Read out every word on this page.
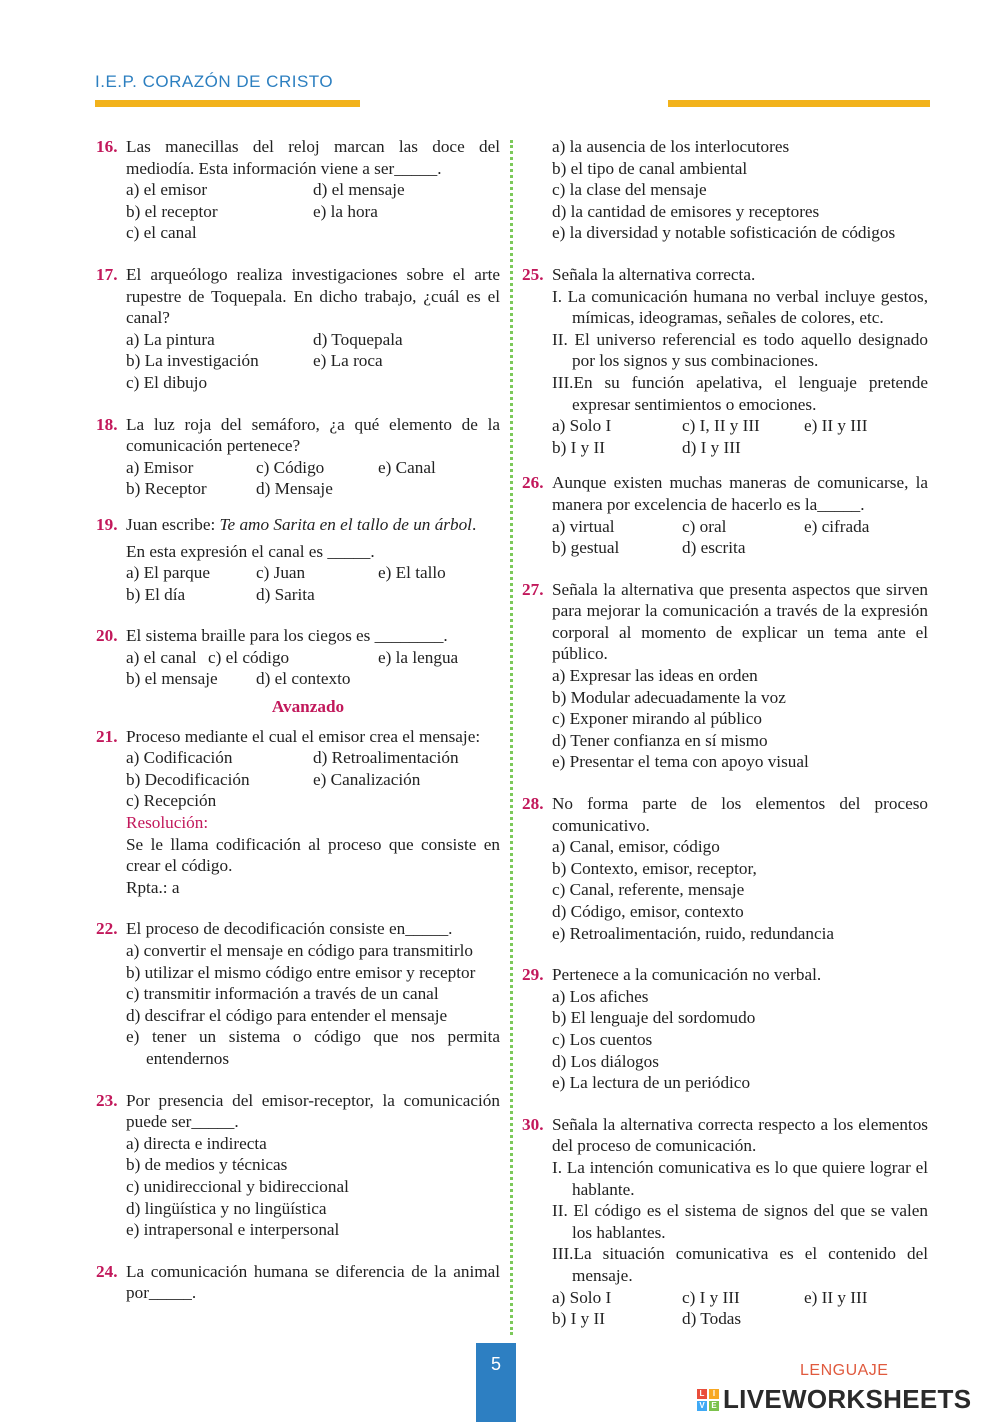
I.E.P. CORAZÓN DE CRISTO
16. Las manecillas del reloj marcan las doce del mediodía. Esta información viene a ser_____.
a) el emisor	d) el mensaje
b) el receptor	e) la hora
c) el canal
17. El arqueólogo realiza investigaciones sobre el arte rupestre de Toquepala. En dicho trabajo, ¿cuál es el canal?
a) La pintura	d) Toquepala
b) La investigación	e) La roca
c) El dibujo
18. La luz roja del semáforo, ¿a qué elemento de la comunicación pertenece?
a) Emisor	c) Código	e) Canal
b) Receptor	d) Mensaje
19. Juan escribe: Te amo Sarita en el tallo de un árbol.
En esta expresión el canal es _____.
a) El parque	c) Juan	e) El tallo
b) El día	d) Sarita
20. El sistema braille para los ciegos es ________.
a) el canal c) el código	e) la lengua
b) el mensaje	d) el contexto
Avanzado
21. Proceso mediante el cual el emisor crea el mensaje:
a) Codificación	d) Retroalimentación
b) Decodificación	e) Canalización
c) Recepción
Resolución:
Se le llama codificación al proceso que consiste en crear el código.
Rpta.: a
22. El proceso de decodificación consiste en_____.
a) convertir el mensaje en código para transmitirlo
b) utilizar el mismo código entre emisor y receptor
c) transmitir información a través de un canal
d) descifrar el código para entender el mensaje
e) tener un sistema o código que nos permita entendernos
23. Por presencia del emisor-receptor, la comunicación puede ser_____.
a) directa e indirecta
b) de medios y técnicas
c) unidireccional y bidireccional
d) lingüística y no lingüística
e) intrapersonal e interpersonal
24. La comunicación humana se diferencia de la animal por_____.
a) la ausencia de los interlocutores
b) el tipo de canal ambiental
c) la clase del mensaje
d) la cantidad de emisores y receptores
e) la diversidad y notable sofisticación de códigos
25. Señala la alternativa correcta.
I. La comunicación humana no verbal incluye gestos, mímicas, ideogramas, señales de colores, etc.
II. El universo referencial es todo aquello designado por los signos y sus combinaciones.
III.En su función apelativa, el lenguaje pretende expresar sentimientos o emociones.
a) Solo I	c) I, II y III	e) II y III
b) I y II	d) I y III
26. Aunque existen muchas maneras de comunicarse, la manera por excelencia de hacerlo es la_____.
a) virtual	c) oral	e) cifrada
b) gestual	d) escrita
27. Señala la alternativa que presenta aspectos que sirven para mejorar la comunicación a través de la expresión corporal al momento de explicar un tema ante el público.
a) Expresar las ideas en orden
b) Modular adecuadamente la voz
c) Exponer mirando al público
d) Tener confianza en sí mismo
e) Presentar el tema con apoyo visual
28. No forma parte de los elementos del proceso comunicativo.
a) Canal, emisor, código
b) Contexto, emisor, receptor,
c) Canal, referente, mensaje
d) Código, emisor, contexto
e) Retroalimentación, ruido, redundancia
29. Pertenece a la comunicación no verbal.
a) Los afiches
b) El lenguaje del sordomudo
c) Los cuentos
d) Los diálogos
e) La lectura de un periódico
30. Señala la alternativa correcta respecto a los elementos del proceso de comunicación.
I. La intención comunicativa es lo que quiere lograr el hablante.
II. El código es el sistema de signos del que se valen los hablantes.
III.La situación comunicativa es el contenido del mensaje.
a) Solo I	c) I y III	e) II y III
b) I y II	d) Todas
5	LENGUAJE
L	I
V E LIVEWORKSHEETS
